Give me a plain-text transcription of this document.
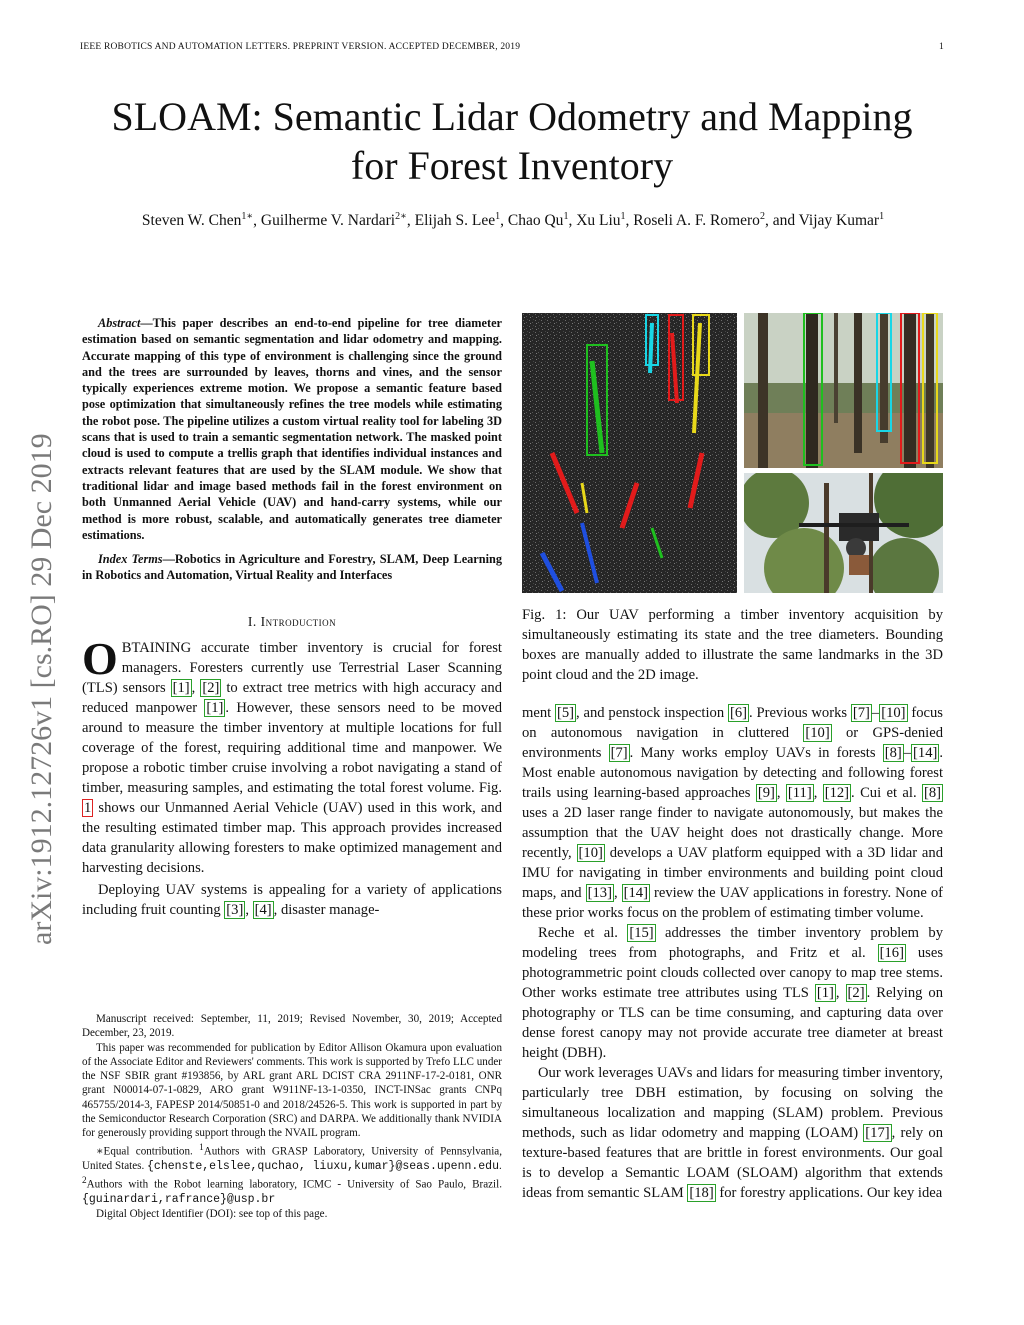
IEEE ROBOTICS AND AUTOMATION LETTERS. PREPRINT VERSION. ACCEPTED DECEMBER, 2019	1
SLOAM: Semantic Lidar Odometry and Mapping
for Forest Inventory
Steven W. Chen$^{1∗}$, Guilherme V. Nardari$^{2∗}$, Elijah S. Lee$^1$, Chao Qu$^1$, Xu Liu$^1$, Roseli A. F. Romero$^2$, and Vijay Kumar$^1$
arXiv:1912.12726v1 [cs.RO] 29 Dec 2019

Abstract—This paper describes an end-to-end pipeline for tree diameter estimation based on semantic segmentation and lidar odometry and mapping. Accurate mapping of this type of environment is challenging since the ground and the trees are surrounded by leaves, thorns and vines, and the sensor typically experiences extreme motion. We propose a semantic feature based pose optimization that simultaneously refines the tree models while estimating the robot pose. The pipeline utilizes a custom virtual reality tool for labeling 3D scans that is used to train a semantic segmentation network. The masked point cloud is used to compute a trellis graph that identifies individual instances and extracts relevant features that are used by the SLAM module. We show that traditional lidar and image based methods fail in the forest environment on both Unmanned Aerial Vehicle (UAV) and hand-carry systems, while our method is more robust, scalable, and automatically generates tree diameter estimations.

Index Terms—Robotics in Agriculture and Forestry, SLAM, Deep Learning in Robotics and Automation, Virtual Reality and Interfaces

I. Introduction
OBTAINING accurate timber inventory is crucial for forest managers. Foresters currently use Terrestrial Laser Scanning (TLS) sensors [1] , [2] to extract tree metrics with high accuracy and reduced manpower [1] . However, these sensors need to be moved around to measure the timber inventory at multiple locations for full coverage of the forest, requiring additional time and manpower. We propose a robotic timber cruise involving a robot navigating a stand of timber, measuring samples, and estimating the total forest volume. Fig. 1 shows our Unmanned Aerial Vehicle (UAV) used in this work, and the resulting estimated timber map. This approach provides increased data granularity allowing foresters to make optimized management and harvesting decisions.

Deploying UAV systems is appealing for a variety of applications including fruit counting [3] , [4] , disaster manage-

Manuscript received: September, 11, 2019; Revised November, 30, 2019; Accepted December, 23, 2019.

This paper was recommended for publication by Editor Allison Okamura upon evaluation of the Associate Editor and Reviewers' comments. This work is supported by Trefo LLC under the NSF SBIR grant #193856, by ARL grant ARL DCIST CRA 2911NF-17-2-0181, ONR grant N00014-07-1-0829, ARO grant W911NF-13-1-0350, INCT-INSac grants CNPq 465755/2014-3, FAPESP 2014/50851-0 and 2018/24526-5. This work is supported in part by the Semiconductor Research Corporation (SRC) and DARPA. We additionally thank NVIDIA for generously providing support through the NVAIL program.

∗Equal contribution. $^1$Authors with GRASP Laboratory, University of Pennsylvania, United States. {chenste,elslee,quchao, liuxu,kumar}@seas.upenn.edu.

$^2$Authors with the Robot learning laboratory, ICMC - University of Sao Paulo, Brazil. {guinardari,rafrance}@usp.br

Digital Object Identifier (DOI): see top of this page.

Fig. 1: Our UAV performing a timber inventory acquisition by simultaneously estimating its state and the tree diameters. Bounding boxes are manually added to illustrate the same landmarks in the 3D point cloud and the 2D image.

ment [5] , and penstock inspection [6] . Previous works [7] – [10] focus on autonomous navigation in cluttered [10] or GPS-denied environments [7] . Many works employ UAVs in forests [8] – [14] . Most enable autonomous navigation by detecting and following forest trails using learning-based approaches [9] , [11] , [12] . Cui et al. [8] uses a 2D laser range finder to navigate autonomously, but makes the assumption that the UAV height does not drastically change. More recently, [10] develops a UAV platform equipped with a 3D lidar and IMU for navigating in timber environments and building point cloud maps, and [13] , [14] review the UAV applications in forestry. None of these prior works focus on the problem of estimating timber volume.

Reche et al. [15] addresses the timber inventory problem by modeling trees from photographs, and Fritz et al. [16] uses photogrammetric point clouds collected over canopy to map tree stems. Other works estimate tree attributes using TLS [1] , [2] . Relying on photography or TLS can be time consuming, and capturing data over dense forest canopy may not provide accurate tree diameter at breast height (DBH).

Our work leverages UAVs and lidars for measuring timber inventory, particularly tree DBH estimation, by focusing on solving the simultaneous localization and mapping (SLAM) problem. Previous methods, such as lidar odometry and mapping (LOAM) [17] , rely on texture-based features that are brittle in forest environments. Our goal is to develop a Semantic LOAM (SLOAM) algorithm that extends ideas from semantic SLAM [18] for forestry applications. Our key idea
